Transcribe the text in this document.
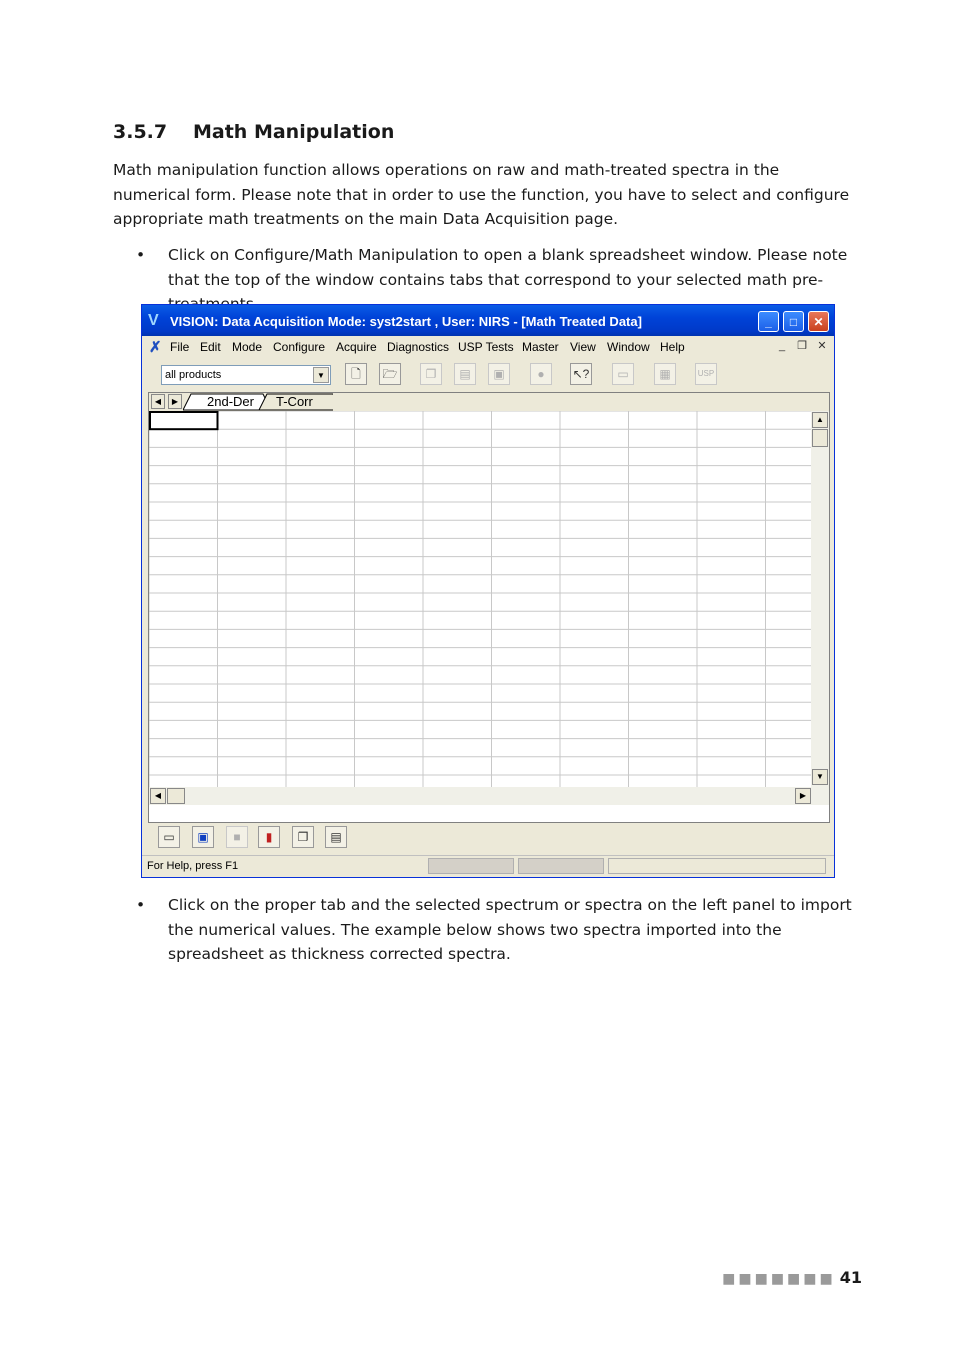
3.5.7 Math Manipulation
Math manipulation function allows operations on raw and math-treated spectra in the numerical form. Please note that in order to use the function, you have to select and configure appropriate math treatments on the main Data Acquisition page.
• Click on Configure/Math Manipulation to open a blank spreadsheet window. Please note that the top of the window contains tabs that correspond to your selected math pre-
V VISION: Data Acquisition Mode: syst2start , User: NIRS - [Math Treated Data]	_	□	✕
✗ File Edit Mode Configure Acquire Diagnostics USP Tests Master View Window Help	_	❐ ✕
all products	▼	🗋	🗁	❐	▤	▣	●	↖?	▭	▦	USP
◀	▶	2nd-Der	T-Corr
▲
▼
◀	▶
▭	▣	■	▮	❐	▤
For Help, press F1
• Click on the proper tab and the selected spectrum or spectra on the left panel to import the numerical values. The example below shows two spectra imported into the spreadsheet as thickness corrected spectra.
■■■■■■■ 41
